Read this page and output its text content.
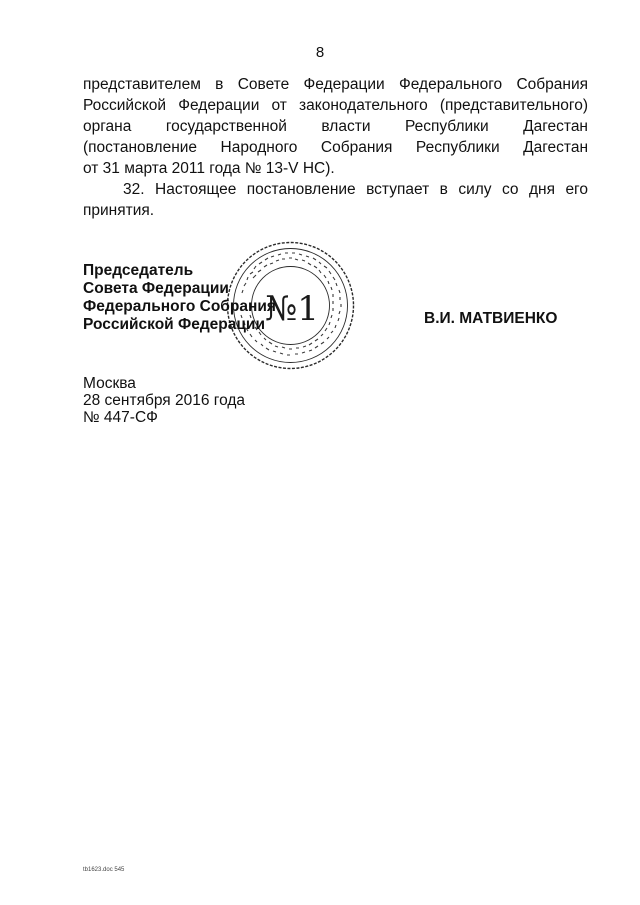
8

представителем в Совете Федерации Федерального Собрания
Российской Федерации от законодательного (представительного)
органа государственной власти Республики Дагестан
(постановление Народного Собрания Республики Дагестан
от 31 марта 2011 года № 13-V НС).

32. Настоящее постановление вступает в силу со дня его
принятия.

№1
Председатель
Совета Федерации
Федерального Собрания
Российской Федерации	В.И. МАТВИЕНКО
Москва
28 сентября 2016 года
№ 447-СФ
tb1623.doc 545
